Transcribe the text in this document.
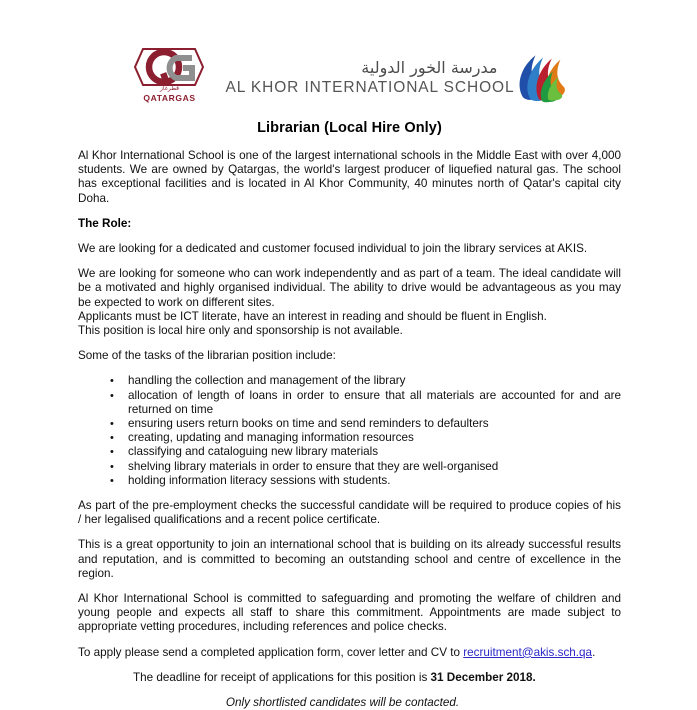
قطرغاز
QATARGAS
مدرسة الخور الدولية
AL KHOR INTERNATIONAL SCHOOL
Librarian (Local Hire Only)

Al Khor International School is one of the largest international schools in the Middle East with over 4,000 students. We are owned by Qatargas, the world's largest producer of liquefied natural gas. The school has exceptional facilities and is located in Al Khor Community, 40 minutes north of Qatar's capital city Doha.

The Role:

We are looking for a dedicated and customer focused individual to join the library services at AKIS.

We are looking for someone who can work independently and as part of a team. The ideal candidate will be a motivated and highly organised individual. The ability to drive would be advantageous as you may be expected to work on different sites.

Applicants must be ICT literate, have an interest in reading and should be fluent in English.

This position is local hire only and sponsorship is not available.

Some of the tasks of the librarian position include:

• handling the collection and management of the library
• allocation of length of loans in order to ensure that all materials are accounted for and are returned on time
• ensuring users return books on time and send reminders to defaulters
• creating, updating and managing information resources
• classifying and cataloguing new library materials
• shelving library materials in order to ensure that they are well-organised
• holding information literacy sessions with students.

As part of the pre-employment checks the successful candidate will be required to produce copies of his / her legalised qualifications and a recent police certificate.

This is a great opportunity to join an international school that is building on its already successful results and reputation, and is committed to becoming an outstanding school and centre of excellence in the region.

Al Khor International School is committed to safeguarding and promoting the welfare of children and young people and expects all staff to share this commitment. Appointments are made subject to appropriate vetting procedures, including references and police checks.

To apply please send a completed application form, cover letter and CV to recruitment@akis.sch.qa.

The deadline for receipt of applications for this position is 31 December 2018.
Only shortlisted candidates will be contacted.
